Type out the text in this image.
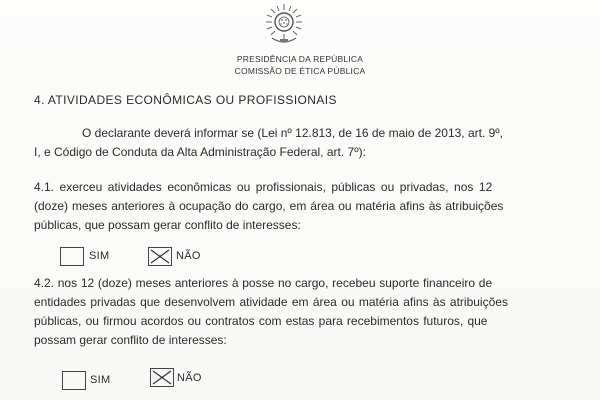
PRESIDÊNCIA DA REPÚBLICA
COMISSÃO DE ÉTICA PÚBLICA
4. ATIVIDADES ECONÔMICAS OU PROFISSIONAIS
O declarante deverá informar se (Lei nº 12.813, de 16 de maio de 2013, art. 9º,
I, e Código de Conduta da Alta Administração Federal, art. 7º):
4.1. exerceu atividades econômicas ou profissionais, públicas ou privadas, nos 12
(doze) meses anteriores à ocupação do cargo, em área ou matéria afins às atribuições
públicas, que possam gerar conflito de interesses:
SIM	NÃO
4.2. nos 12 (doze) meses anteriores à posse no cargo, recebeu suporte financeiro de
entidades privadas que desenvolvem atividade em área ou matéria afins às atribuições
públicas, ou firmou acordos ou contratos com estas para recebimentos futuros, que
possam gerar conflito de interesses:
SIM	NÃO
